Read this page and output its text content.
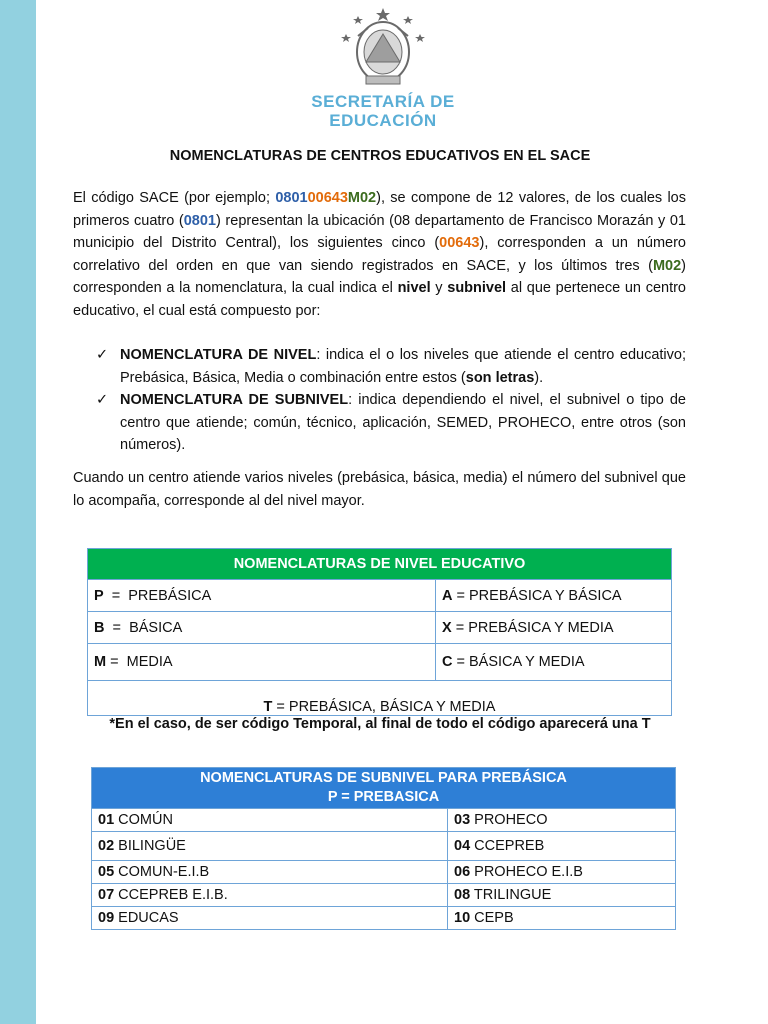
SECRETARÍA DE
EDUCACIÓN
NOMENCLATURAS DE CENTROS EDUCATIVOS EN EL SACE
El código SACE (por ejemplo; 080100643M02), se compone de 12 valores, de los cuales los primeros cuatro (0801) representan la ubicación (08 departamento de Francisco Morazán y 01 municipio del Distrito Central), los siguientes cinco (00643), corresponden a un número correlativo del orden en que van siendo registrados en SACE, y los últimos tres (M02) corresponden a la nomenclatura, la cual indica el nivel y subnivel al que pertenece un centro educativo, el cual está compuesto por:
✓ NOMENCLATURA DE NIVEL: indica el o los niveles que atiende el centro educativo; Prebásica, Básica, Media o combinación entre estos (son letras).
✓ NOMENCLATURA DE SUBNIVEL: indica dependiendo el nivel, el subnivel o tipo de centro que atiende; común, técnico, aplicación, SEMED, PROHECO, entre otros (son números).
Cuando un centro atiende varios niveles (prebásica, básica, media) el número del subnivel que lo acompaña, corresponde al del nivel mayor.
NOMENCLATURAS DE NIVEL EDUCATIVO	
P  =  PREBÁSICA	A = PREBÁSICA Y BÁSICA
B  =  BÁSICA	X = PREBÁSICA Y MEDIA
M =  MEDIA	C = BÁSICA Y MEDIA
T = PREBÁSICA, BÁSICA Y MEDIA	
*En el caso, de ser código Temporal, al final de todo el código aparecerá una T
NOMENCLATURAS DE SUBNIVEL PARA PREBÁSICA
P = PREBASICA	

01 COMÚN	03 PROHECO
02 BILINGÜE	04 CCEPREB
05 COMUN-E.I.B	06 PROHECO E.I.B
07 CCEPREB E.I.B.	08 TRILINGUE
09 EDUCAS	10 CEPB
